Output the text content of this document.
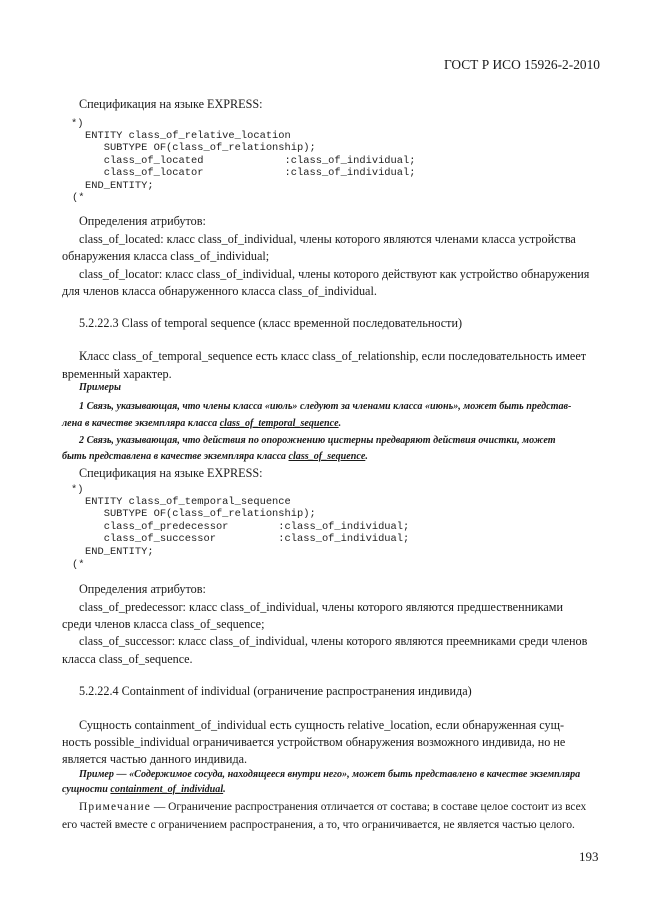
ГОСТ Р ИСО 15926-2-2010
Спецификация на языке EXPRESS:
*)
ENTITY class_of_relative_location
SUBTYPE OF(class_of_relationship);
class_of_located             :class_of_individual;
class_of_locator             :class_of_individual;
END_ENTITY;
(*
Определения атрибутов:
class_of_located: класс class_of_individual, члены которого являются членами класса устройства
обнаружения класса class_of_individual;
class_of_locator: класс class_of_individual, члены которого действуют как устройство обнаружения
для членов класса обнаруженного класса class_of_individual.
5.2.22.3 Class of temporal sequence (класс временной последовательности)
Класс class_of_temporal_sequence есть класс class_of_relationship, если последовательность имеет
временный характер.
Примеры
1 Связь, указывающая, что члены класса «июль» следуют за членами класса «июнь», может быть представ-
лена в качестве экземпляра класса class_of_temporal_sequence.
2 Связь, указывающая, что действия по опорожнению цистерны предваряют действия очистки, может
быть представлена в качестве экземпляра класса class_of_sequence.
Спецификация на языке EXPRESS:
*)
ENTITY class_of_temporal_sequence
SUBTYPE OF(class_of_relationship);
class_of_predecessor        :class_of_individual;
class_of_successor          :class_of_individual;
END_ENTITY;
(*
Определения атрибутов:
class_of_predecessor: класс class_of_individual, члены которого являются предшественниками
среди членов класса class_of_sequence;
class_of_successor: класс class_of_individual, члены которого являются преемниками среди членов
класса class_of_sequence.
5.2.22.4 Containment of individual (ограничение распространения индивида)
Сущность containment_of_individual есть сущность relative_location, если обнаруженная сущ-
ность possible_individual ограничивается устройством обнаружения возможного индивида, но не
является частью данного индивида.
Пример — «Содержимое сосуда, находящееся внутри него», может быть представлено в качестве экземпляра
сущности containment_of_individual.
Примечание — Ограничение распространения отличается от состава; в составе целое состоит из всех
его частей вместе с ограничением распространения, а то, что ограничивается, не является частью целого.
193
